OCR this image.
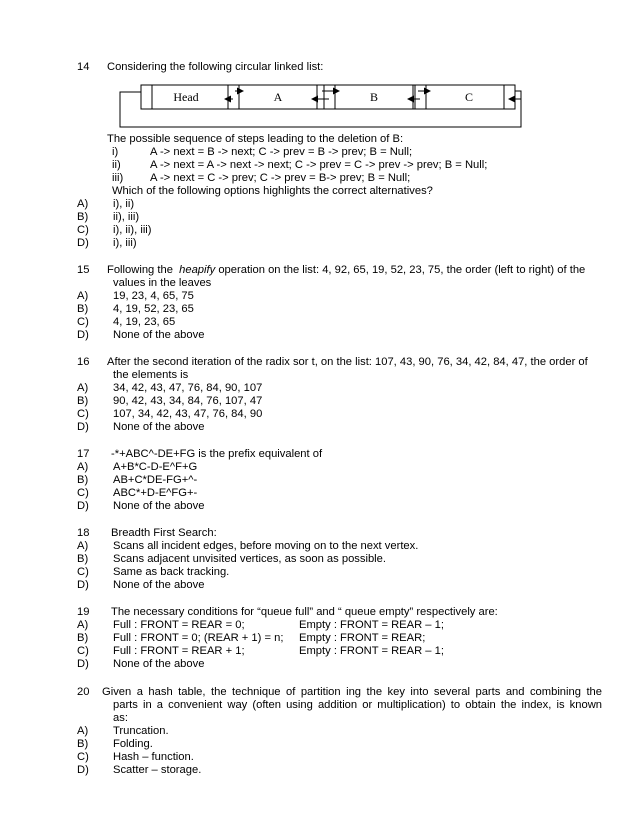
14 Considering the following circular linked list:
Head	A	B	C
The possible sequence of steps leading to the deletion of B:
i)	A -> next = B -> next; C -> prev = B -> prev; B = Null;
ii)	A -> next = A -> next -> next; C -> prev = C -> prev -> prev; B = Null;
iii) A -> next = C -> prev; C -> prev = B-> prev; B = Null;
Which of the following options highlights the correct alternatives?
A) i), ii)
B) ii), iii)
C) i), ii), iii)
D) i), iii)
15 Following the heapify operation on the list: 4, 92, 65, 19, 52, 23, 75, the order (left to right) of the
values in the leaves
A) 19, 23, 4, 65, 75
B) 4, 19, 52, 23, 65
C) 4, 19, 23, 65
D) None of the above
16 After the second iteration of the radix sor t, on the list: 107, 43, 90, 76, 34, 42, 84, 47, the order of
the elements is
A) 34, 42, 43, 47, 76, 84, 90, 107
B) 90, 42, 43, 34, 84, 76, 107, 47
C) 107, 34, 42, 43, 47, 76, 84, 90
D) None of the above
17 -*+ABC^-DE+FG is the prefix equivalent of
A) A+B*C-D-E^F+G
B) AB+C*DE-FG+^-
C) ABC*+D-E^FG+-
D) None of the above
18 Breadth First Search:
A) Scans all incident edges, before moving on to the next vertex.
B) Scans adjacent unvisited vertices, as soon as possible.
C) Same as back tracking.
D) None of the above
19 The necessary conditions for “queue full” and “ queue empty” respectively are:
A) Full : FRONT = REAR = 0;	Empty : FRONT = REAR – 1;
B) Full : FRONT = 0; (REAR + 1) = n; Empty : FRONT = REAR;
C) Full : FRONT = REAR + 1;	Empty : FRONT = REAR – 1;
D) None of the above
20 Given a hash table, the technique of partition ing the key into several parts and combining the
parts in a convenient way (often using addition or multiplication) to obtain the index, is known
as:
A) Truncation.
B) Folding.
C) Hash – function.
D) Scatter – storage.
